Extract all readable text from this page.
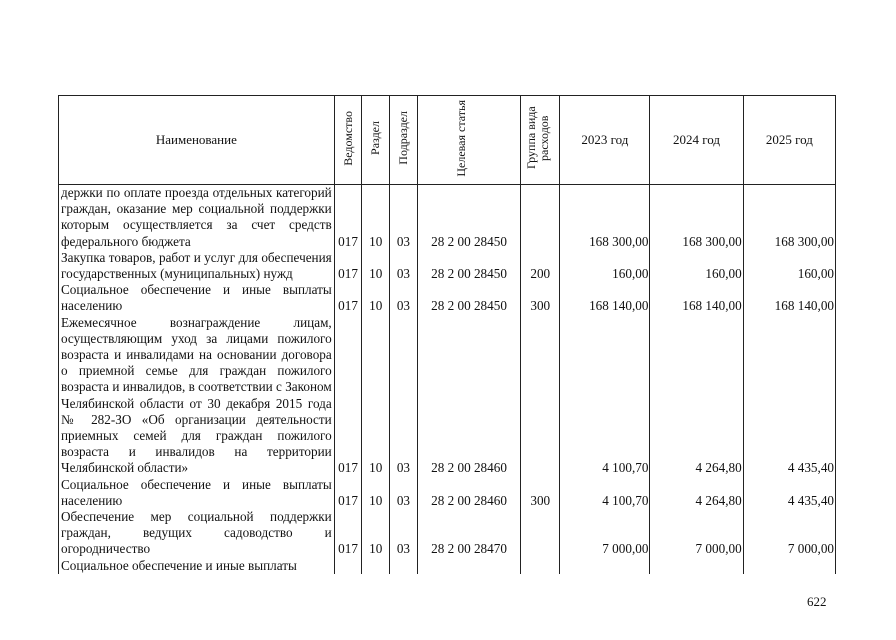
Наименование	Ведомство	Раздел	Подраздел	Целевая статья	Группа вида расходов	2023 год	2024 год	2025 год
держки по оплате проезда отдельных категорий граждан, оказание мер социальной поддержки которым осуществляется за счет средств федерального бюджета	017	10	03	28 2 00 28450		168 300,00	168 300,00	168 300,00
Закупка товаров, работ и услуг для обеспечения государственных (муниципальных) нужд	017	10	03	28 2 00 28450	200	160,00	160,00	160,00
Социальное обеспечение и иные выплаты населению	017	10	03	28 2 00 28450	300	168 140,00	168 140,00	168 140,00
Ежемесячное вознаграждение лицам, осуществляющим уход за лицами пожилого возраста и инвалидами на основании договора о приемной семье для граждан пожилого возраста и инвалидов, в соответствии с Законом Челябинской области от 30 декабря 2015 года № 282-ЗО «Об организации деятельности приемных семей для граждан пожилого возраста и инвалидов на территории Челябинской области»	017	10	03	28 2 00 28460		4 100,70	4 264,80	4 435,40
Социальное обеспечение и иные выплаты населению	017	10	03	28 2 00 28460	300	4 100,70	4 264,80	4 435,40
Обеспечение мер социальной поддержки граждан, ведущих садоводство и огородничество	017	10	03	28 2 00 28470		7 000,00	7 000,00	7 000,00
Социальное обеспечение и иные выплаты								
622
